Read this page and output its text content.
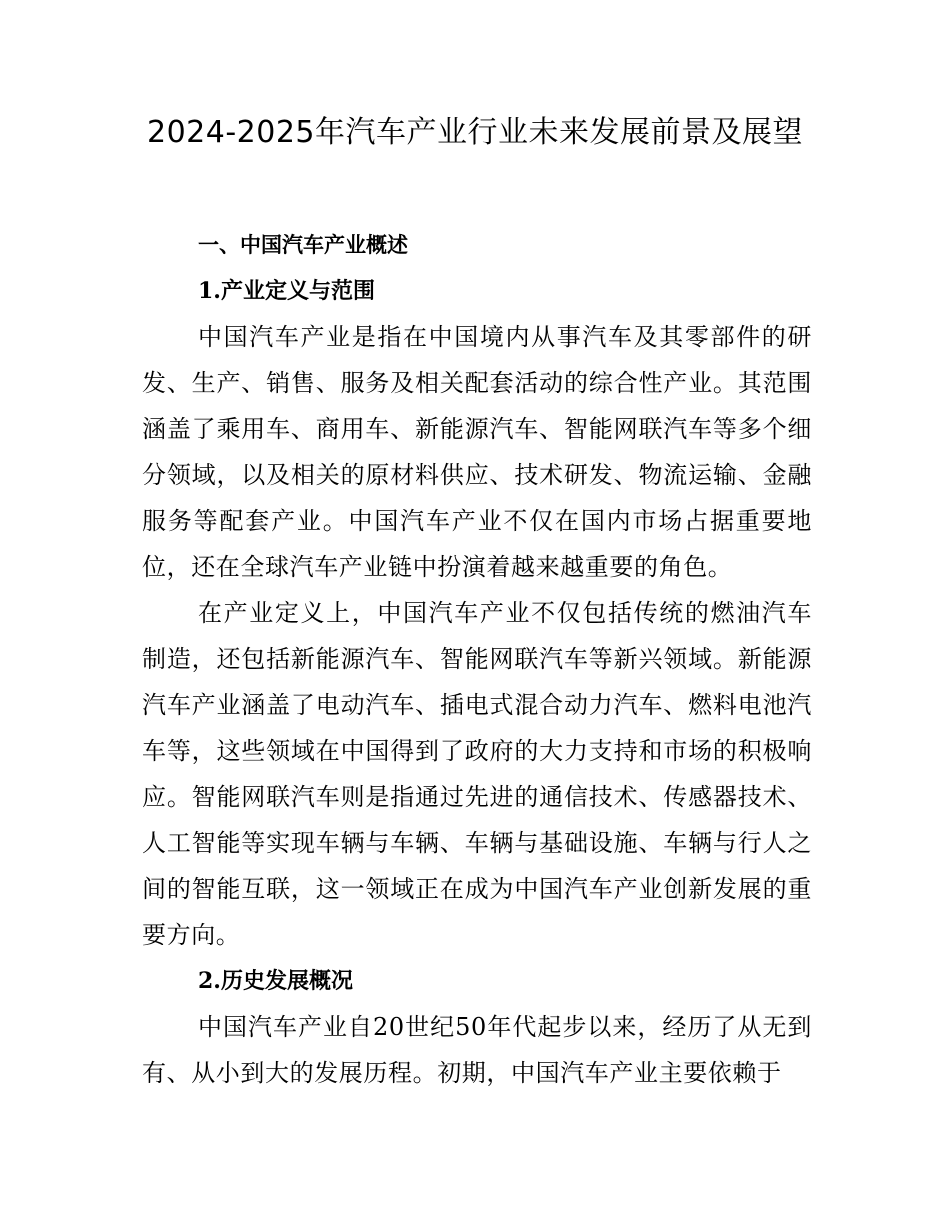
2024-2025年汽车产业行业未来发展前景及展望
一、中国汽车产业概述
1.产业定义与范围

中国汽车产业是指在中国境内从事汽车及其零部件的研发、生产、销售、服务及相关配套活动的综合性产业。其范围涵盖了乘用车、商用车、新能源汽车、智能网联汽车等多个细分领域，以及相关的原材料供应、技术研发、物流运输、金融服务等配套产业。中国汽车产业不仅在国内市场占据重要地位，还在全球汽车产业链中扮演着越来越重要的角色。

在产业定义上，中国汽车产业不仅包括传统的燃油汽车制造，还包括新能源汽车、智能网联汽车等新兴领域。新能源汽车产业涵盖了电动汽车、插电式混合动力汽车、燃料电池汽车等，这些领域在中国得到了政府的大力支持和市场的积极响应。智能网联汽车则是指通过先进的通信技术、传感器技术、人工智能等实现车辆与车辆、车辆与基础设施、车辆与行人之间的智能互联，这一领域正在成为中国汽车产业创新发展的重要方向。

2.历史发展概况

中国汽车产业自20世纪50年代起步以来，经历了从无到有、从小到大的发展历程。初期，中国汽车产业主要依赖于
